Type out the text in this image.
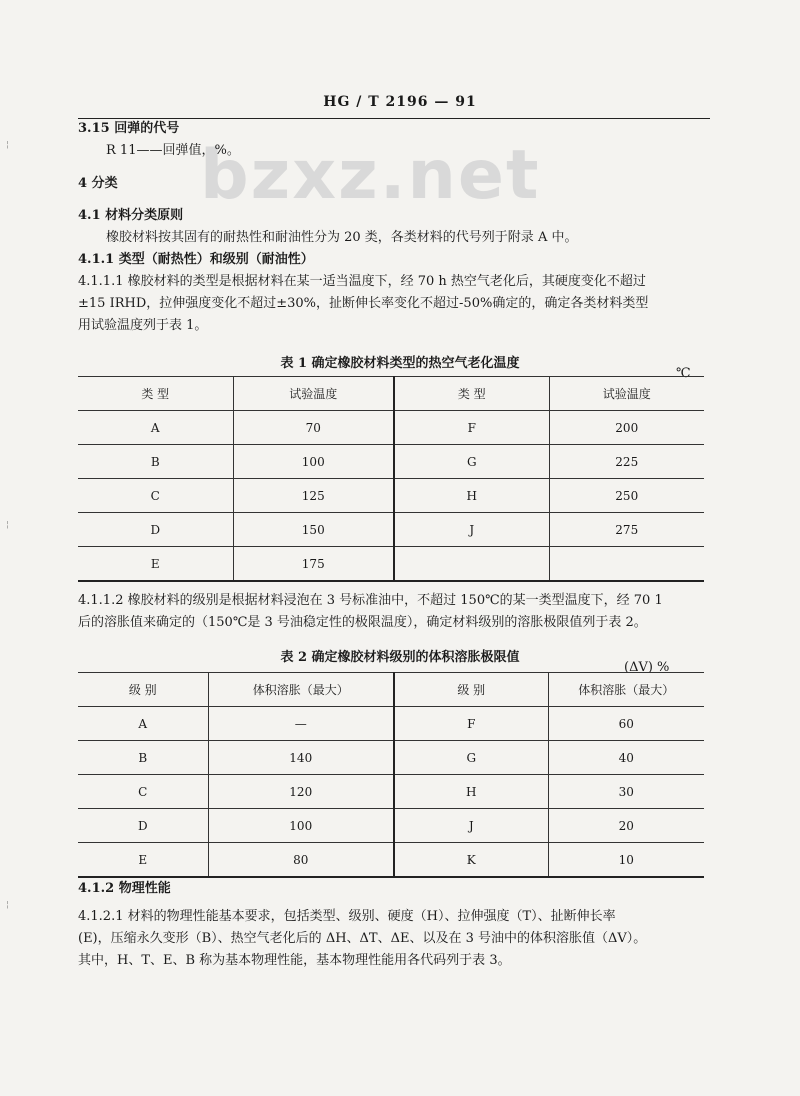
HG / T 2196 — 91
bzxz.net
3.15 回弹的代号
R 11——回弹值，%。
4 分类
4.1 材料分类原则
橡胶材料按其固有的耐热性和耐油性分为 20 类，各类材料的代号列于附录 A 中。
4.1.1 类型（耐热性）和级别（耐油性）
4.1.1.1 橡胶材料的类型是根据材料在某一适当温度下，经 70 h 热空气老化后，其硬度变化不超过
±15 IRHD，拉伸强度变化不超过±30%，扯断伸长率变化不超过-50%确定的，确定各类材料类型
用试验温度列于表 1。
表 1 确定橡胶材料类型的热空气老化温度
℃
类 型	试验温度	类 型	试验温度
A	70	F	200
B	100	G	225
C	125	H	250
D	150	J	275
E	175		
4.1.1.2 橡胶材料的级别是根据材料浸泡在 3 号标准油中，不超过 150℃的某一类型温度下，经 70 1
后的溶胀值来确定的（150℃是 3 号油稳定性的极限温度），确定材料级别的溶胀极限值列于表 2。
表 2 确定橡胶材料级别的体积溶胀极限值
(ΔV) %
级 别	体积溶胀（最大）	级 别	体积溶胀（最大）
A	—	F	60
B	140	G	40
C	120	H	30
D	100	J	20
E	80	K	10
4.1.2 物理性能
4.1.2.1 材料的物理性能基本要求，包括类型、级别、硬度（H）、拉伸强度（T）、扯断伸长率
(E)，压缩永久变形（B）、热空气老化后的 ΔH、ΔT、ΔE、以及在 3 号油中的体积溶胀值（ΔV）。
其中，H、T、E、B 称为基本物理性能，基本物理性能用各代码列于表 3。
¦
¦
¦
